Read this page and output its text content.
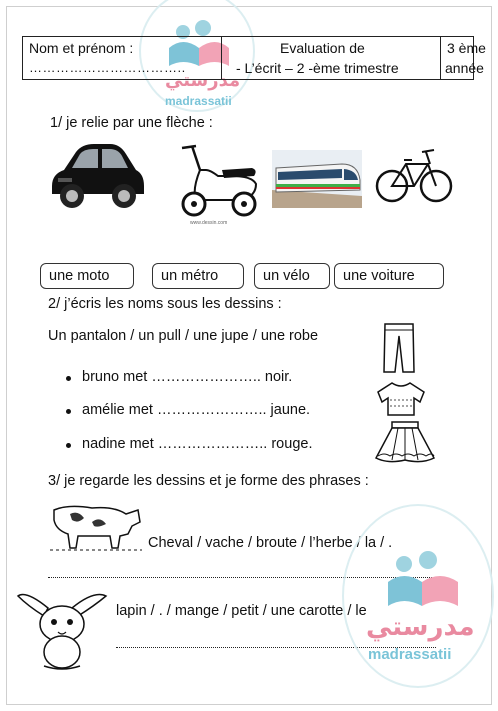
مدرستي
madrassatii
Nom et prénom :
……………………………..
Evaluation de
- L’écrit – 2 -ème trimestre
3 ème
année
1/ je relie par une flèche :
www.dessin.com
une moto	un métro	un vélo	une voiture
2/ j’écris les noms sous les dessins :
Un pantalon / un pull / une jupe / une robe
bruno met ………………….. noir.
amélie met ………………….. jaune.
nadine met ………………….. rouge.
3/ je regarde les dessins et je forme des phrases :
Cheval / vache / broute / l’herbe / la / .
lapin / . / mange / petit / une carotte / le
مدرستي
madrassatii
